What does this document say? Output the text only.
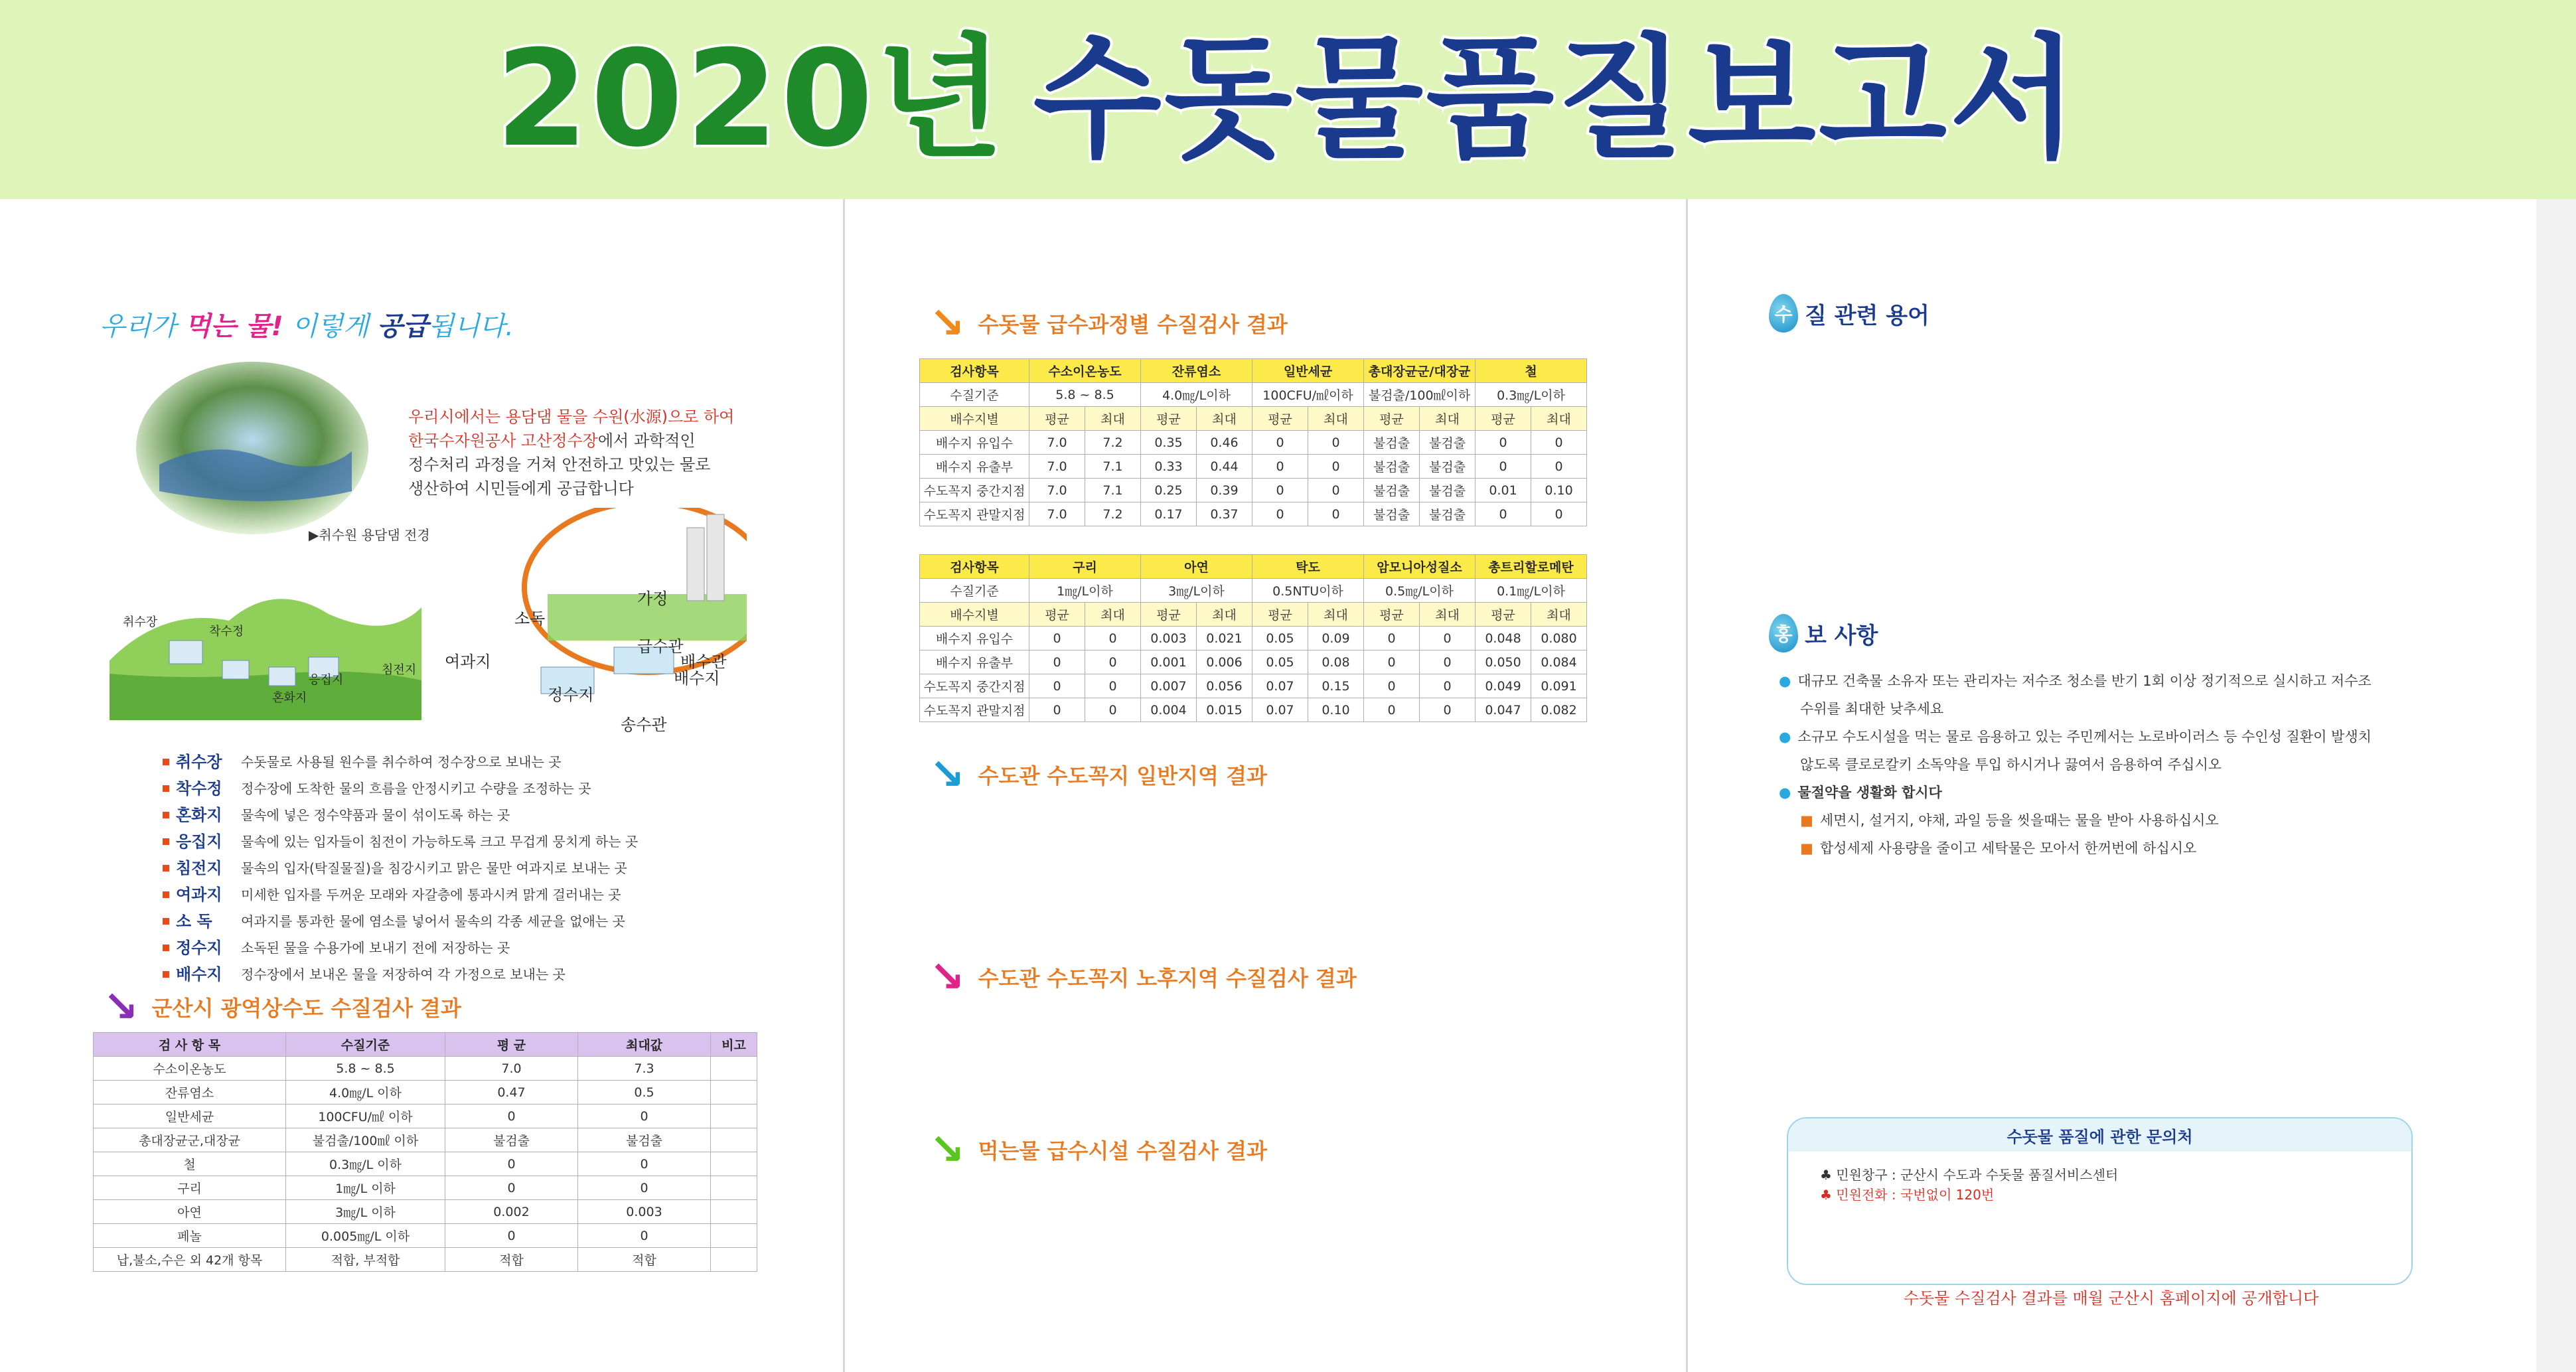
2020년 수돗물품질보고서
우리가 먹는 물! 이렇게 공급됩니다.
우리시에서는 용담댐 물을 수원(水源)으로 하여
한국수자원공사 고산정수장에서 과학적인
정수처리 과정을 거쳐 안전하고 맛있는 물로
생산하여 시민들에게 공급합니다
▶취수원 용담댐 전경
취수장
착수정
혼화지
응집지
침전지 여과지
소독
정수지
송수관
배수관
배수지
급수관
가정
취수장	수돗물로 사용될 원수를 취수하여 정수장으로 보내는 곳
착수정	정수장에 도착한 물의 흐름을 안정시키고 수량을 조정하는 곳
혼화지	물속에 넣은 정수약품과 물이 섞이도록 하는 곳
응집지	물속에 있는 입자들이 침전이 가능하도록 크고 무겁게 뭉치게 하는 곳
침전지	물속의 입자(탁질물질)을 침강시키고 맑은 물만 여과지로 보내는 곳
여과지	미세한 입자를 두꺼운 모래와 자갈층에 통과시켜 맑게 걸러내는 곳
소 독	여과지를 통과한 물에 염소를 넣어서 물속의 각종 세균을 없애는 곳
정수지	소독된 물을 수용가에 보내기 전에 저장하는 곳
배수지	정수장에서 보내온 물을 저장하여 각 가정으로 보내는 곳
↘ 군산시 광역상수도 수질검사 결과
검 사 항 목	수질기준	평 균	최대값	비고
수소이온농도	5.8 ~ 8.5	7.0	7.3	
잔류염소	4.0㎎/L 이하	0.47	0.5	
일반세균	100CFU/㎖ 이하	0	0	
총대장균군,대장균	불검출/100㎖ 이하	불검출	불검출	
철	0.3㎎/L 이하	0	0	
구리	1㎎/L 이하	0	0	
아연	3㎎/L 이하	0.002	0.003	
페놀	0.005㎎/L 이하	0	0	
납,불소,수은 외 42개 항목	적합, 부적합	적합	적합	
↘ 수돗물 급수과정별 수질검사 결과
검사항목	수소이온농도		잔류염소		일반세균		총대장균군/대장균		철	
수질기준	5.8 ~ 8.5		4.0㎎/L이하		100CFU/㎖이하		불검출/100㎖이하		0.3㎎/L이하	
배수지별	평균	최대	평균	최대	평균	최대	평균	최대	평균	최대
배수지 유입수	7.0	7.2	0.35	0.46	0	0	불검출	불검출	0	0
배수지 유출부	7.0	7.1	0.33	0.44	0	0	불검출	불검출	0	0
수도꼭지 중간지점	7.0	7.1	0.25	0.39	0	0	불검출	불검출	0.01	0.10
수도꼭지 관말지점	7.0	7.2	0.17	0.37	0	0	불검출	불검출	0	0
검사항목	구리		아연		탁도		암모니아성질소		총트리할로메탄	
수질기준	1㎎/L이하		3㎎/L이하		0.5NTU이하		0.5㎎/L이하		0.1㎎/L이하	
배수지별	평균	최대	평균	최대	평균	최대	평균	최대	평균	최대
배수지 유입수	0	0	0.003	0.021	0.05	0.09	0	0	0.048	0.080
배수지 유출부	0	0	0.001	0.006	0.05	0.08	0	0	0.050	0.084
수도꼭지 중간지점	0	0	0.007	0.056	0.07	0.15	0	0	0.049	0.091
수도꼭지 관말지점	0	0	0.004	0.015	0.07	0.10	0	0	0.047	0.082
↘ 수도관 수도꼭지 일반지역 결과
↘ 수도관 수도꼭지 노후지역 수질검사 결과
↘ 먹는물 급수시설 수질검사 결과
수 질 관련 용어
홍 보 사항
● 대규모 건축물 소유자 또는 관리자는 저수조 청소를 반기 1회 이상 정기적으로 실시하고 저수조
수위를 최대한 낮추세요
● 소규모 수도시설을 먹는 물로 음용하고 있는 주민께서는 노로바이러스 등 수인성 질환이 발생치
않도록 클로로칼키 소독약을 투입 하시거나 끓여서 음용하여 주십시오
● 물절약을 생활화 합시다
■ 세면시, 설거지, 야채, 과일 등을 씻을때는 물을 받아 사용하십시오
■ 합성세제 사용량을 줄이고 세탁물은 모아서 한꺼번에 하십시오
수돗물 품질에 관한 문의처
♣ 민원창구 : 군산시 수도과 수돗물 품질서비스센터
♣ 민원전화 : 국번없이 120번
수돗물 수질검사 결과를 매월 군산시 홈페이지에 공개합니다
